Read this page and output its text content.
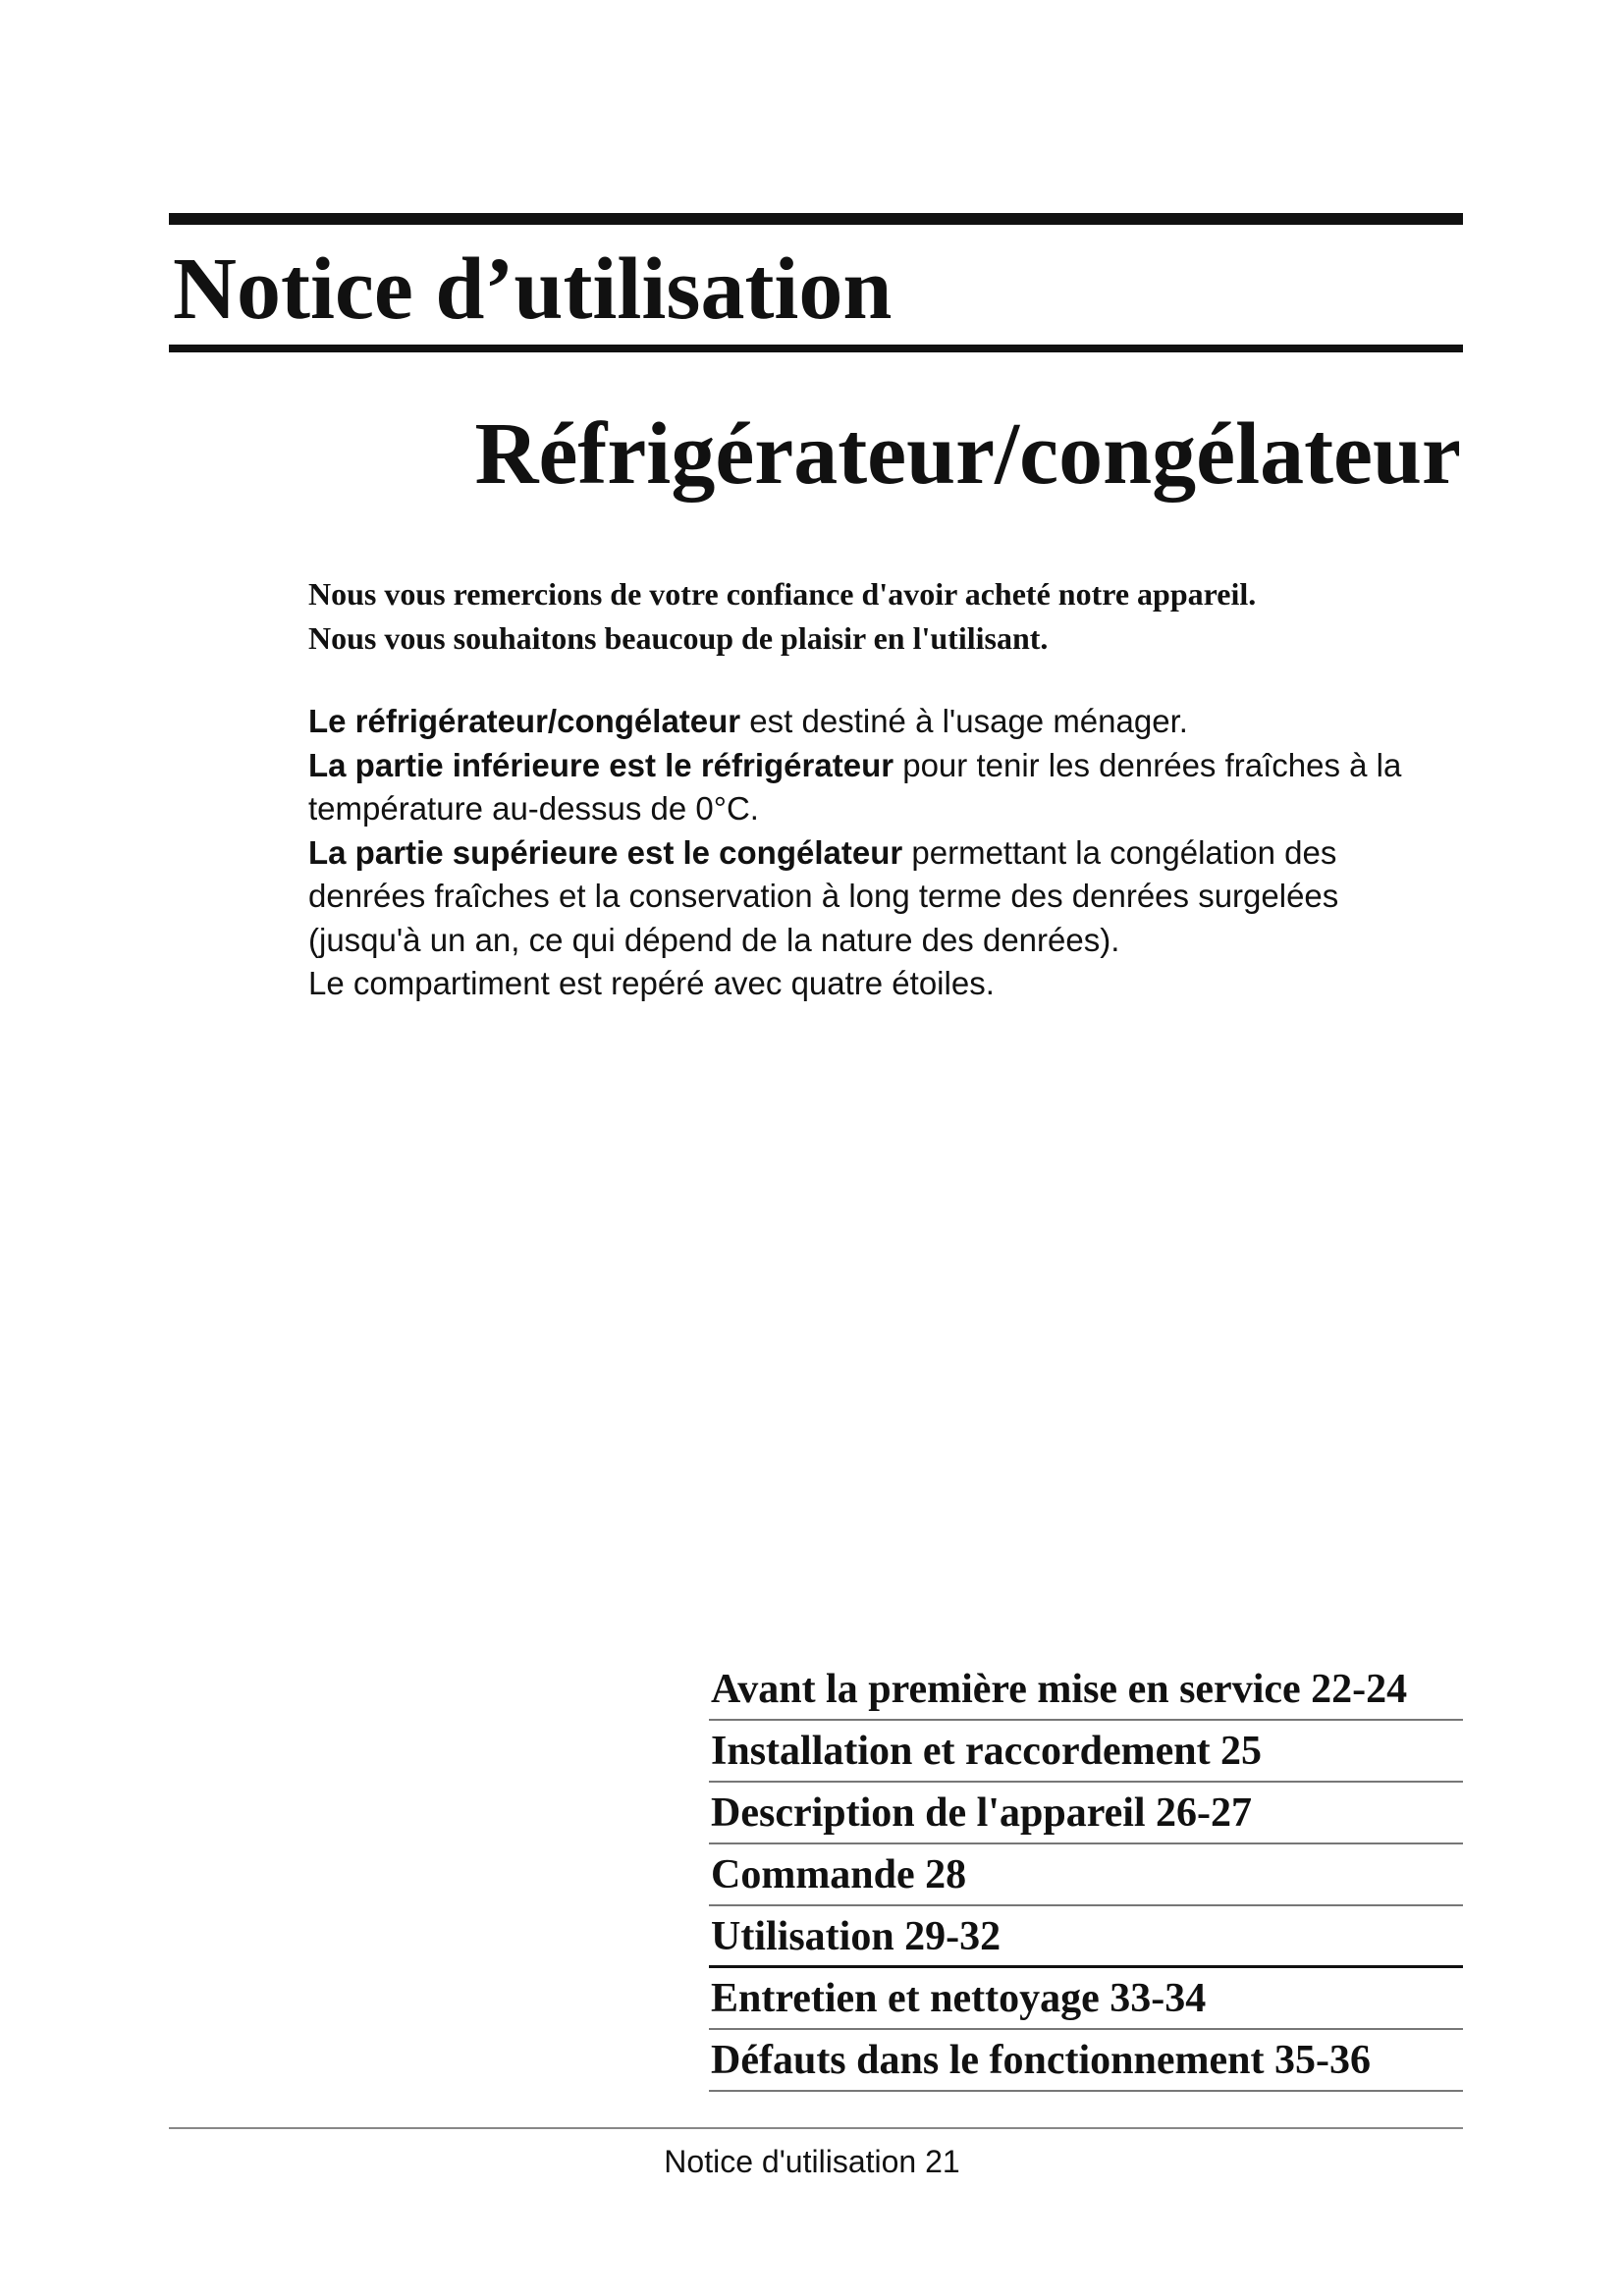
Notice d’utilisation
Réfrigérateur/congélateur

Nous vous remercions de votre confiance d'avoir acheté notre appareil.

Nous vous souhaitons beaucoup de plaisir en l'utilisant.

Le réfrigérateur/congélateur est destiné à l'usage ménager.

La partie inférieure est le réfrigérateur pour tenir les denrées fraîches à la température au-dessus de 0°C.

La partie supérieure est le congélateur permettant la congélation des denrées fraîches et la conservation à long terme des denrées surgelées (jusqu'à un an, ce qui dépend de la nature des denrées).

Le compartiment est repéré avec quatre étoiles.

Avant la première mise en service 22-24
Installation et raccordement 25
Description de l'appareil 26-27
Commande 28
Utilisation 29-32
Entretien et nettoyage 33-34
Défauts dans le fonctionnement 35-36
Notice d'utilisation 21
